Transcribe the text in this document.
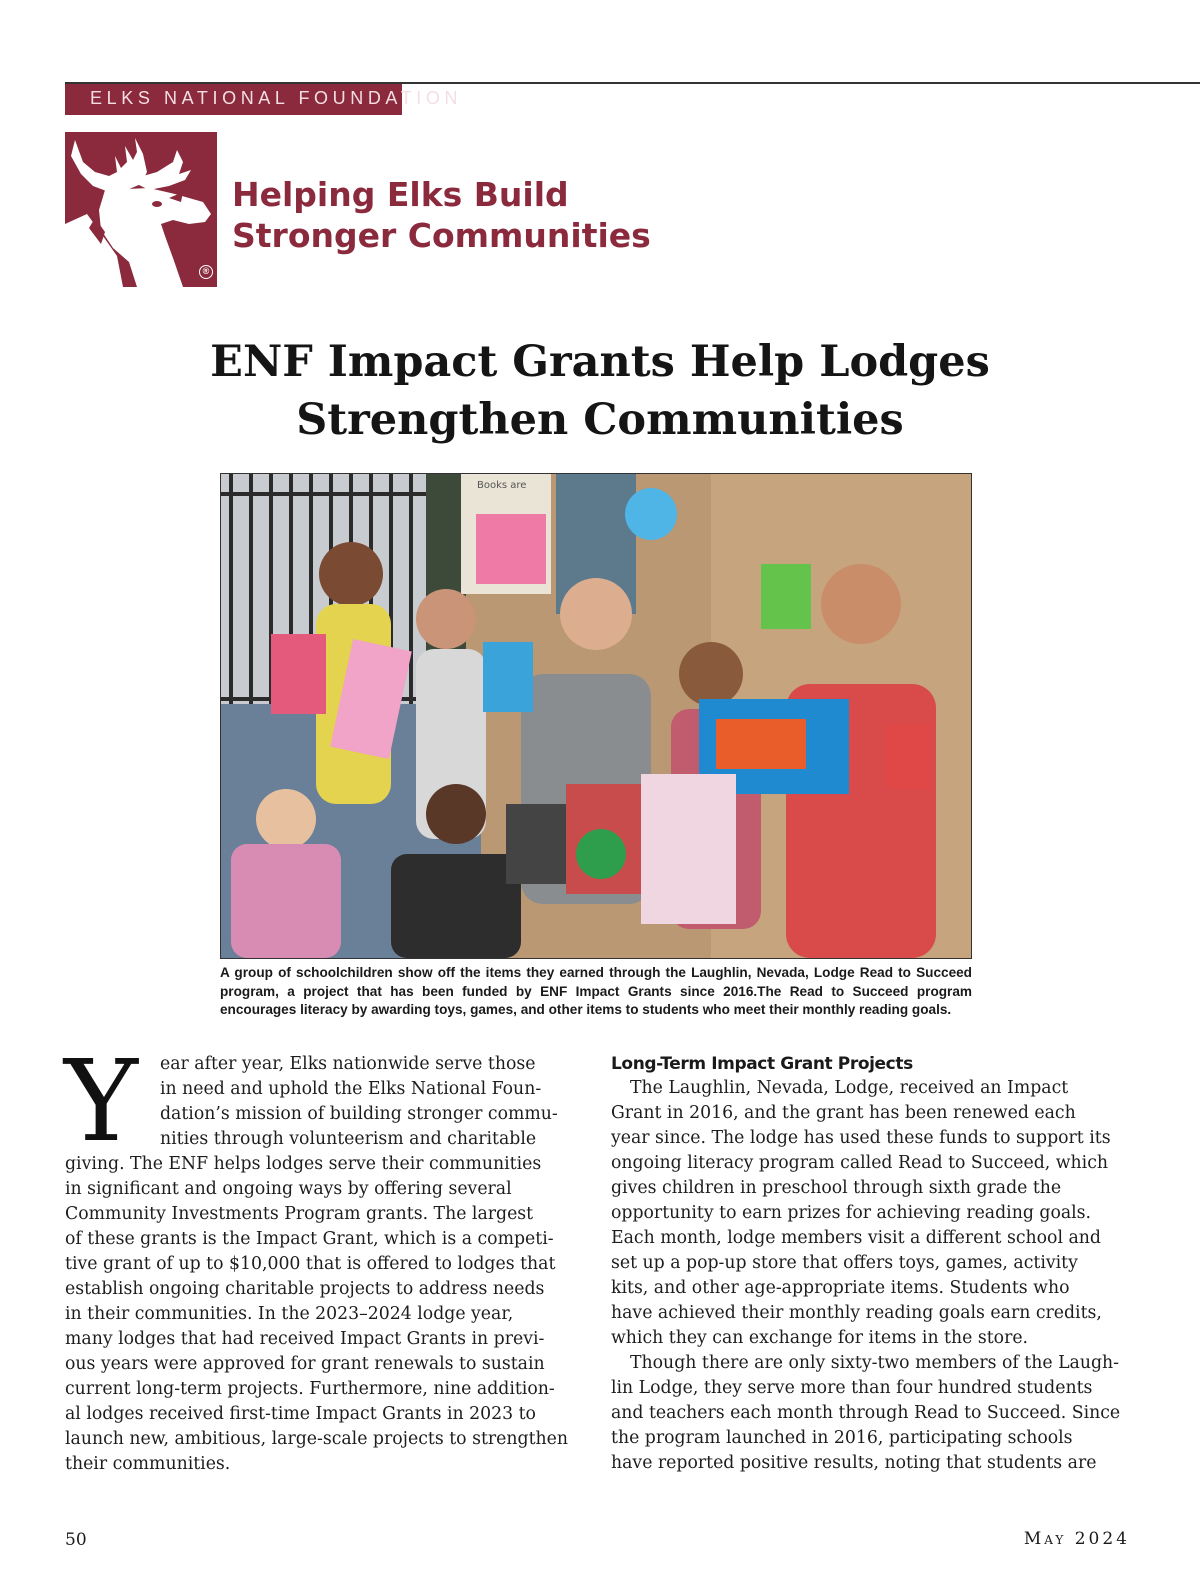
ELKS NATIONAL FOUNDATION
®
Helping Elks Build
Stronger Communities
ENF Impact Grants Help Lodges
Strengthen Communities
Books are
A group of schoolchildren show off the items they earned through the Laughlin, Nevada, Lodge Read to Succeed program, a project that has been funded by ENF Impact Grants since 2016.The Read to Succeed program encourages literacy by awarding toys, games, and other items to students who meet their monthly reading goals.
Y	ear after year, Elks nationwide serve those
in need and uphold the Elks National Foun-
dation’s mission of building stronger commu-
nities through volunteerism and charitable
giving. The ENF helps lodges serve their communities
in significant and ongoing ways by offering several
Community Investments Program grants. The largest
of these grants is the Impact Grant, which is a competi-
tive grant of up to $10,000 that is offered to lodges that
establish ongoing charitable projects to address needs
in their communities. In the 2023–2024 lodge year,
many lodges that had received Impact Grants in previ-
ous years were approved for grant renewals to sustain
current long-term projects. Furthermore, nine addition-
al lodges received first-time Impact Grants in 2023 to
launch new, ambitious, large-scale projects to strengthen
their communities.
Long-Term Impact Grant Projects
The Laughlin, Nevada, Lodge, received an Impact
Grant in 2016, and the grant has been renewed each
year since. The lodge has used these funds to support its
ongoing literacy program called Read to Succeed, which
gives children in preschool through sixth grade the
opportunity to earn prizes for achieving reading goals.
Each month, lodge members visit a different school and
set up a pop-up store that offers toys, games, activity
kits, and other age-appropriate items. Students who
have achieved their monthly reading goals earn credits,
which they can exchange for items in the store.
Though there are only sixty-two members of the Laugh-
lin Lodge, they serve more than four hundred students
and teachers each month through Read to Succeed. Since
the program launched in 2016, participating schools
have reported positive results, noting that students are
50	May 2024
